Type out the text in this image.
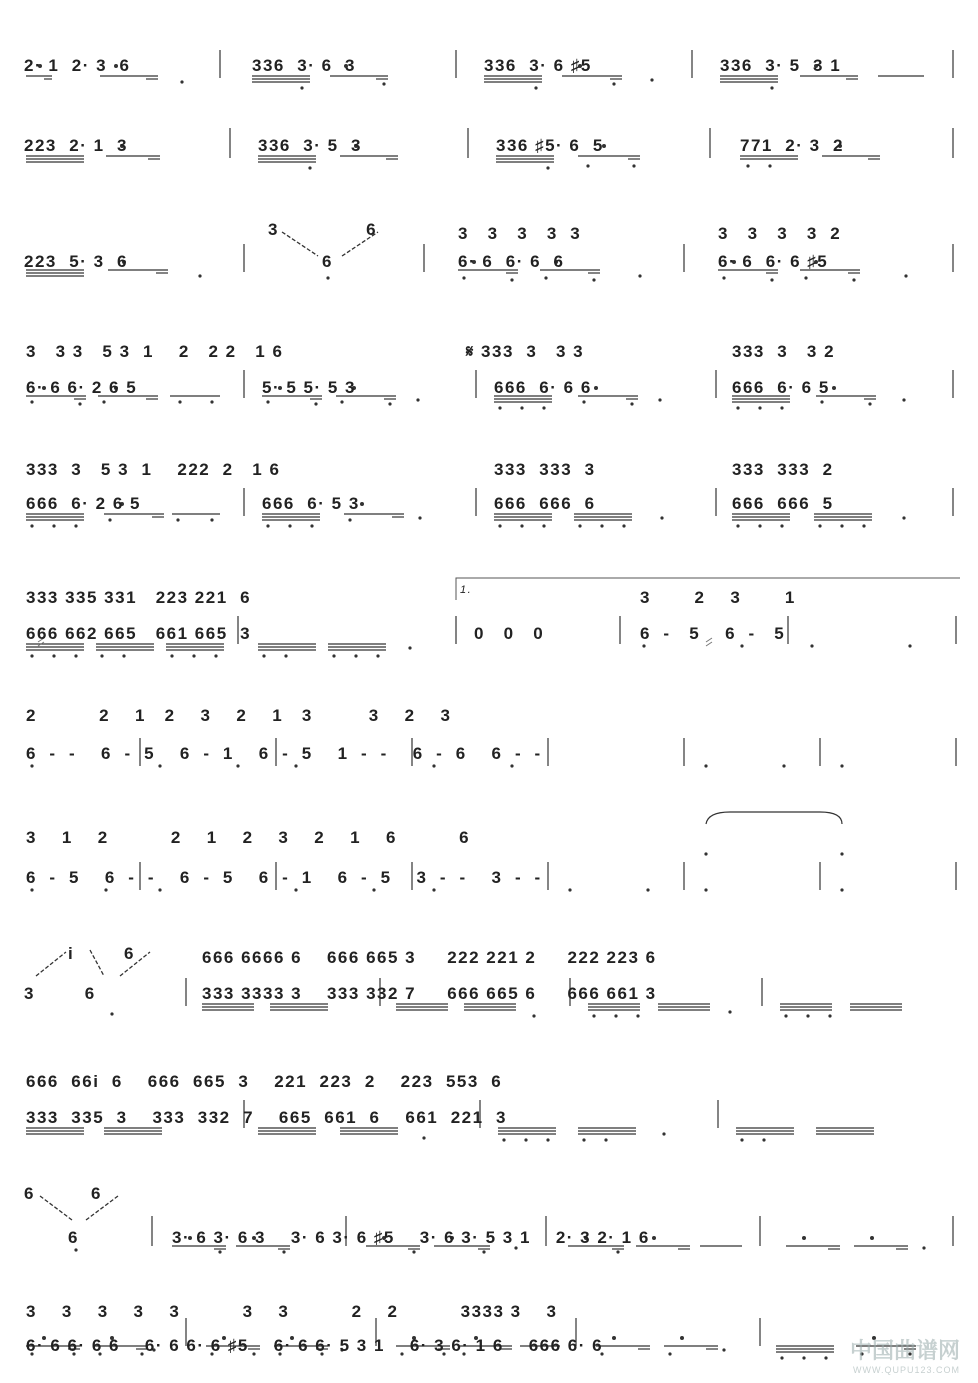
2· 1  2· 3  6	336  3· 6  3	336  3· 6 ♯5	336  3· 5  3 1
223  2· 1  3	336  3· 5  3	336 ♯5· 6  5	771  2· 3  2
3              6	3   3   3   3  3	3   3   3   3  2
223  5· 3  6	6	6· 6  6· 6  6	6· 6  6· 6 ♯5
3   3 3   5 3  1    2   2 2   1 6	𝄋 333  3   3 3	333  3   3 2
6· 6 6· 2 6 5	5· 5 5· 5 3	666  6· 6 6	666  6· 6 5
333  3   5 3  1    222  2   1 6	333  333  3	333  333  2
666  6· 2 6 5	666  6· 5 3	666  666  6	666  666  5
333 335 331   223 221  6	3       2    3       1
1.
666 662 665   661 665  3	0   0   0	6  -   5    6  -   5
2          2    1   2    3    2    1   3         3    2    3
6  -  -    6  -  5    6  -  1    6  -  5    1  -  -    6  -  6    6  -  -
3    1    2          2    1    2    3    2    1    6          6
6  -  5    6  -  -    6  -  5    6  -  1    6  -  5    3  -  -    3  -  -
i        6	666 6666 6    666 665 3     222 221 2     222 223 6
3        6	333 3333 3    333 332 7     666 665 6     666 661 3
666  66i  6    666  665  3    221  223  2    223  553  6
333  335  3    333  332  7    665  661  6    661  221  3
6         6
6	3· 6 3· 6 3    3· 6 3· 6 ♯5    3· 6 3· 5 3 1    2· 3 2· 1 6
3    3    3    3    3          3    3          2    2          3333 3    3
6· 6 6· 6 6    6· 6 6· 6 ♯5    6· 6 6· 5 3 1    6· 3 6· 1 6    666 6· 6	中国曲谱网
WWW.QUPU123.COM
